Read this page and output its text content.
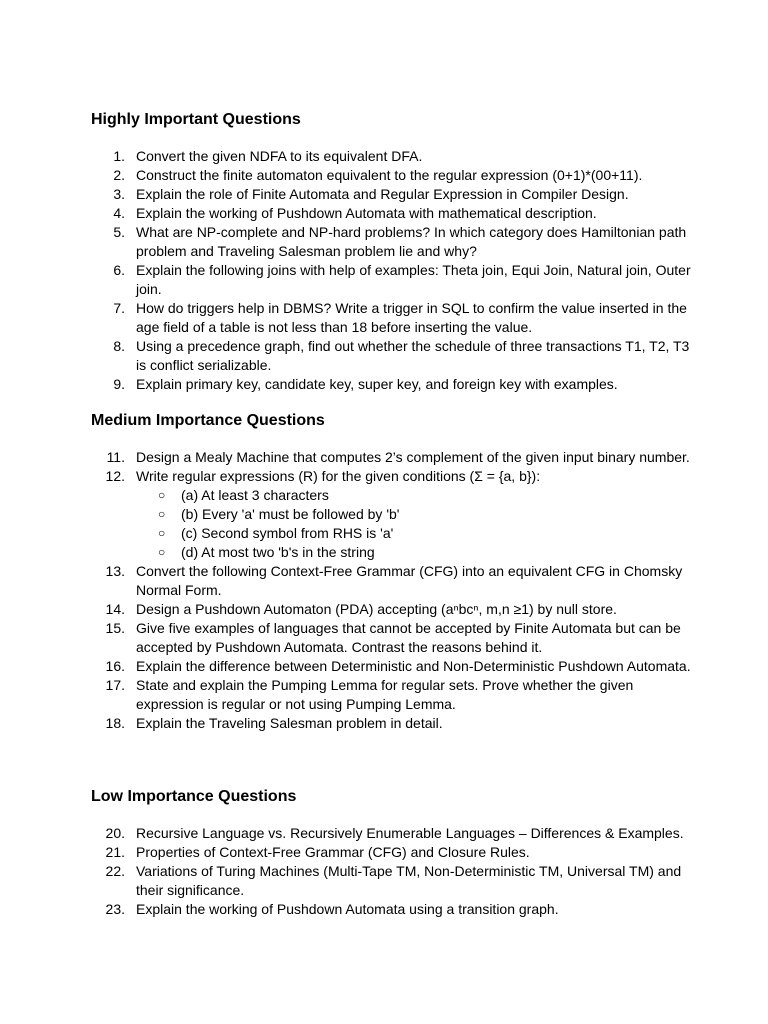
Highly Important Questions
1. Convert the given NDFA to its equivalent DFA.
2. Construct the finite automaton equivalent to the regular expression (0+1)*(00+11).
3. Explain the role of Finite Automata and Regular Expression in Compiler Design.
4. Explain the working of Pushdown Automata with mathematical description.
5. What are NP-complete and NP-hard problems? In which category does Hamiltonian path problem and Traveling Salesman problem lie and why?
6. Explain the following joins with help of examples: Theta join, Equi Join, Natural join, Outer join.
7. How do triggers help in DBMS? Write a trigger in SQL to confirm the value inserted in the age field of a table is not less than 18 before inserting the value.
8. Using a precedence graph, find out whether the schedule of three transactions T1, T2, T3 is conflict serializable.
9. Explain primary key, candidate key, super key, and foreign key with examples.
Medium Importance Questions
11. Design a Mealy Machine that computes 2’s complement of the given input binary number.
12. Write regular expressions (R) for the given conditions (Σ = {a, b}):
○ (a) At least 3 characters
○ (b) Every 'a' must be followed by 'b'
○ (c) Second symbol from RHS is 'a'
○ (d) At most two 'b's in the string
13. Convert the following Context-Free Grammar (CFG) into an equivalent CFG in Chomsky Normal Form.
14. Design a Pushdown Automaton (PDA) accepting (aⁿbcⁿ, m,n ≥1) by null store.
15. Give five examples of languages that cannot be accepted by Finite Automata but can be accepted by Pushdown Automata. Contrast the reasons behind it.
16. Explain the difference between Deterministic and Non-Deterministic Pushdown Automata.
17. State and explain the Pumping Lemma for regular sets. Prove whether the given expression is regular or not using Pumping Lemma.
18. Explain the Traveling Salesman problem in detail.
Low Importance Questions
20. Recursive Language vs. Recursively Enumerable Languages – Differences & Examples.
21. Properties of Context-Free Grammar (CFG) and Closure Rules.
22. Variations of Turing Machines (Multi-Tape TM, Non-Deterministic TM, Universal TM) and their significance.
23. Explain the working of Pushdown Automata using a transition graph.
